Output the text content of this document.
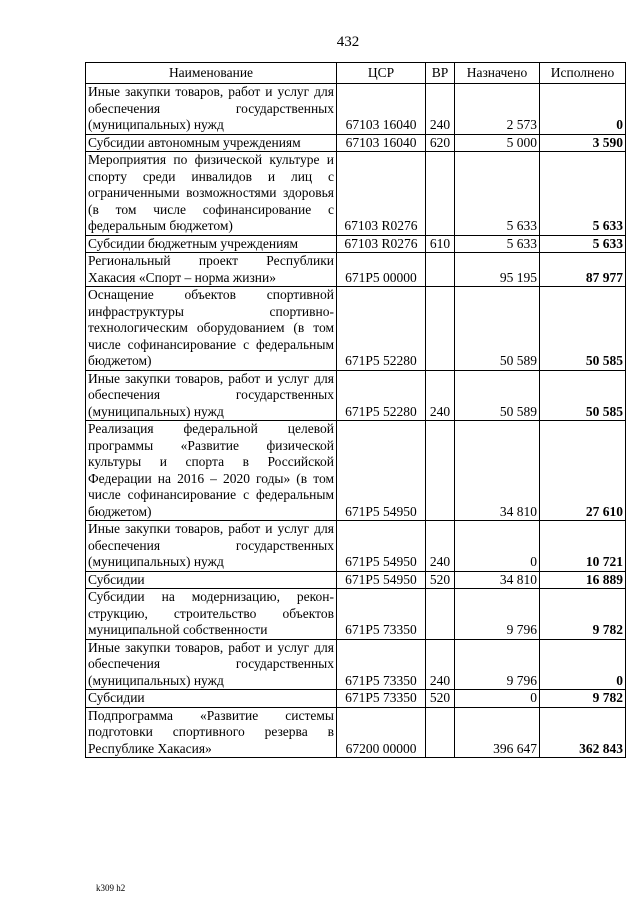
432
Наименование	ЦСР	ВР	Назначено	Исполнено
Иные закупки товаров, работ и услуг для обеспечения государственных (муниципальных) нужд	67103 16040	240	2 573	0
Субсидии автономным учреждениям	67103 16040	620	5 000	3 590
Мероприятия по физической культуре и спорту среди инвалидов и лиц с ограниченными возможностями здоровья (в том числе софинансирование с федеральным бюджетом)	67103 R0276		5 633	5 633
Субсидии бюджетным учреждениям	67103 R0276	610	5 633	5 633
Региональный проект Республики Хакасия «Спорт – норма жизни»	671P5 00000		95 195	87 977
Оснащение объектов спортивной инфраструктуры спортивно-технологическим оборудованием (в том числе софинансирование с федеральным бюджетом)	671P5 52280		50 589	50 585
Иные закупки товаров, работ и услуг для обеспечения государственных (муниципальных) нужд	671P5 52280	240	50 589	50 585
Реализация федеральной целевой программы «Развитие физической культуры и спорта в Российской Федерации на 2016 – 2020 годы» (в том числе софинансирование с федеральным бюджетом)	671P5 54950		34 810	27 610
Иные закупки товаров, работ и услуг для обеспечения государственных (муниципальных) нужд	671P5 54950	240	0	10 721
Субсидии	671P5 54950	520	34 810	16 889
Субсидии на модернизацию, реконструкцию, строительство объектов муниципальной собственности	671P5 73350		9 796	9 782
Иные закупки товаров, работ и услуг для обеспечения государственных (муниципальных) нужд	671P5 73350	240	9 796	0
Субсидии	671P5 73350	520	0	9 782
Подпрограмма «Развитие системы подготовки спортивного резерва в Республике Хакасия»	67200 00000		396 647	362 843
k309 h2
